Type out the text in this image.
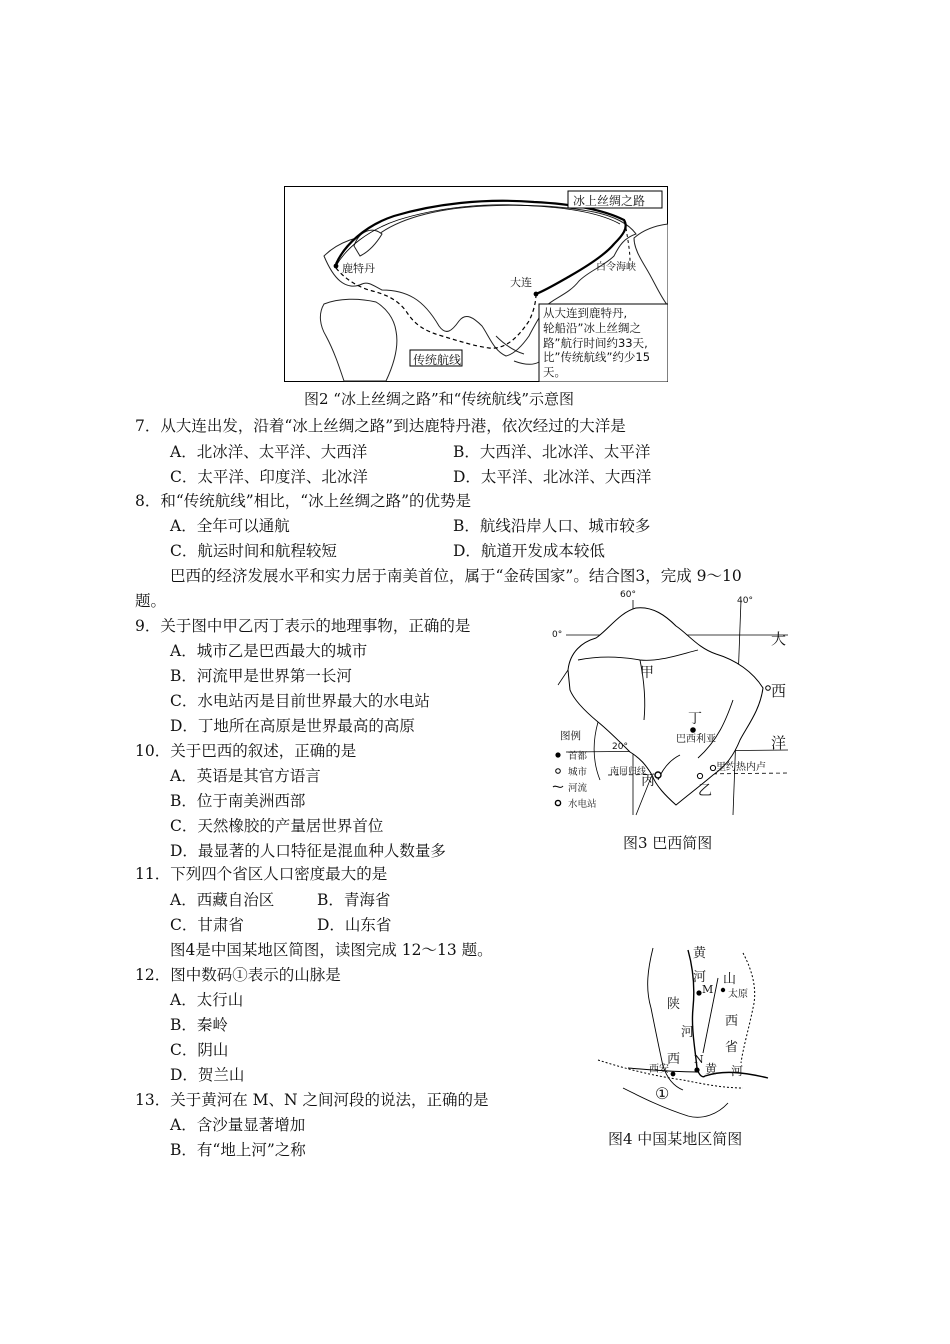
冰上丝绸之路
传统航线
鹿特丹
大连
白令海峡
从大连到鹿特丹,
轮船沿”冰上丝绸之
路”航行时间约33天,
比”传统航线”约少15
天。
图2 “冰上丝绸之路”和“传统航线”示意图
7．从大连出发，沿着“冰上丝绸之路”到达鹿特丹港，依次经过的大洋是
A．北冰洋、太平洋、大西洋	B．大西洋、北冰洋、太平洋
C．太平洋、印度洋、北冰洋	D．太平洋、北冰洋、大西洋
8．和“传统航线”相比，“冰上丝绸之路”的优势是
A．全年可以通航	B．航线沿岸人口、城市较多
C．航运时间和航程较短	D．航道开发成本较低
巴西的经济发展水平和实力居于南美首位，属于“金砖国家”。结合图3，完成 9～10
题。
9．关于图中甲乙丙丁表示的地理事物，正确的是
A．城市乙是巴西最大的城市
B．河流甲是世界第一长河
C．水电站丙是目前世界最大的水电站
D．丁地所在高原是世界最高的高原
10．关于巴西的叙述，正确的是
A．英语是其官方语言
B．位于南美洲西部
C．天然橡胶的产量居世界首位
D．最显著的人口特征是混血种人数量多
60°
40°
0°
20°
大
西
洋
甲
丁
巴西利亚
里约热内卢
南回归线
丙
乙
图例
首都
城市
河流
水电站
图3 巴西简图
11．下列四个省区人口密度最大的是
A．西藏自治区	B．青海省
C．甘肃省	D．山东省
图4是中国某地区简图，读图完成 12～13 题。
12．图中数码①表示的山脉是
A．太行山
B．秦岭
C．阴山
D．贺兰山
13．关于黄河在 M、N 之间河段的说法，正确的是
A．含沙量显著增加
B．有“地上河”之称
黄
河
M
山
太原
西
省
陕
西
河
N
西安	黄 河
①
图4 中国某地区简图
